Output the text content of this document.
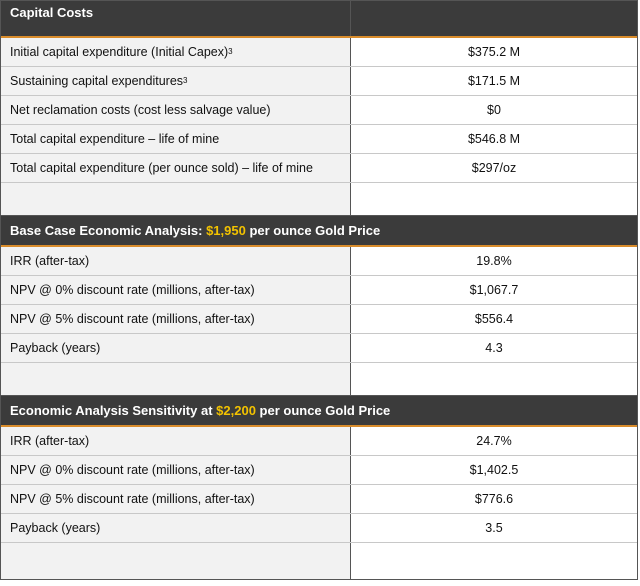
Capital Costs
Initial capital expenditure (Initial Capex) 3	$375.2 M
Sustaining capital expenditures 3	$171.5 M
Net reclamation costs (cost less salvage value)	$0
Total capital expenditure – life of mine	$546.8 M
Total capital expenditure (per ounce sold) – life of mine	$297/oz
Base Case Economic Analysis: $1,950 per ounce Gold Price
IRR (after-tax)	19.8%
NPV @ 0% discount rate (millions, after-tax)	$1,067.7
NPV @ 5% discount rate (millions, after-tax)	$556.4
Payback (years)	4.3
Economic Analysis Sensitivity at $2,200 per ounce Gold Price
IRR (after-tax)	24.7%
NPV @ 0% discount rate (millions, after-tax)	$1,402.5
NPV @ 5% discount rate (millions, after-tax)	$776.6
Payback (years)	3.5
